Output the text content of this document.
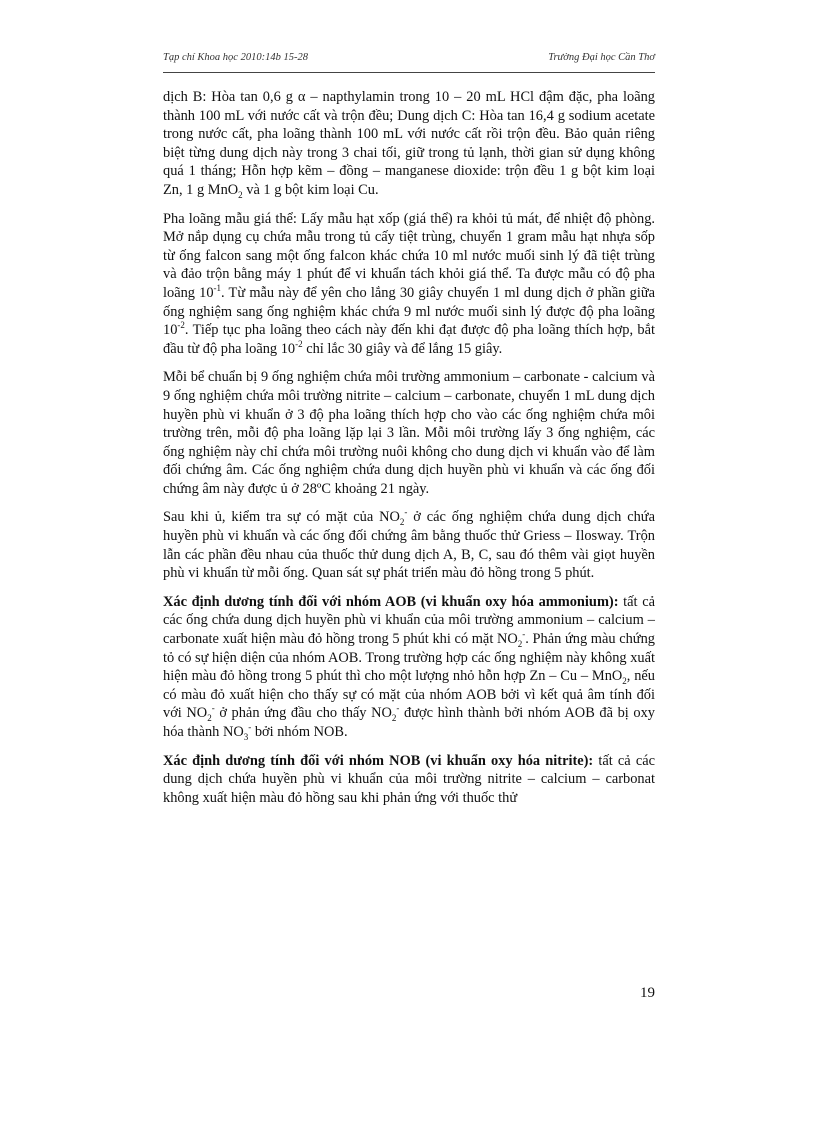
Tạp chí Khoa học 2010:14b 15-28	Trường Đại học Cần Thơ

dịch B: Hòa tan 0,6 g α – napthylamin trong 10 – 20 mL HCl đậm đặc, pha loãng thành 100 mL với nước cất và trộn đều; Dung dịch C: Hòa tan 16,4 g sodium acetate trong nước cất, pha loãng thành 100 mL với nước cất rồi trộn đều. Bảo quản riêng biệt từng dung dịch này trong 3 chai tối, giữ trong tủ lạnh, thời gian sử dụng không quá 1 tháng; Hỗn hợp kẽm – đồng – manganese dioxide: trộn đều 1 g bột kim loại Zn, 1 g MnO$_2$ và 1 g bột kim loại Cu.

Pha loãng mẫu giá thể: Lấy mẫu hạt xốp (giá thể) ra khỏi tủ mát, để nhiệt độ phòng. Mở nắp dụng cụ chứa mẫu trong tủ cấy tiệt trùng, chuyển 1 gram mẫu hạt nhựa sốp từ ống falcon sang một ống falcon khác chứa 10 ml nước muối sinh lý đã tiệt trùng và đảo trộn bằng máy 1 phút để vi khuẩn tách khỏi giá thể. Ta được mẫu có độ pha loãng $10^{-1}$. Từ mẫu này để yên cho lắng 30 giây chuyển 1 ml dung dịch ở phần giữa ống nghiệm sang ống nghiệm khác chứa 9 ml nước muối sinh lý được độ pha loãng $10^{-2}$. Tiếp tục pha loãng theo cách này đến khi đạt được độ pha loãng thích hợp, bắt đầu từ độ pha loãng $10^{-2}$ chỉ lắc 30 giây và để lắng 15 giây.

Mỗi bể chuẩn bị 9 ống nghiệm chứa môi trường ammonium – carbonate - calcium và 9 ống nghiệm chứa môi trường nitrite – calcium – carbonate, chuyển 1 mL dung dịch huyền phù vi khuẩn ở 3 độ pha loãng thích hợp cho vào các ống nghiệm chứa môi trường trên, mỗi độ pha loãng lặp lại 3 lần. Mỗi môi trường lấy 3 ống nghiệm, các ống nghiệm này chỉ chứa môi trường nuôi không cho dung dịch vi khuẩn vào để làm đối chứng âm. Các ống nghiệm chứa dung dịch huyền phù vi khuẩn và các ống đối chứng âm này được ủ ở 28ºC khoảng 21 ngày.

Sau khi ủ, kiểm tra sự có mặt của $NO_2^-$ ở các ống nghiệm chứa dung dịch chứa huyền phù vi khuẩn và các ống đối chứng âm bằng thuốc thử Griess – Ilosway. Trộn lẫn các phần đều nhau của thuốc thử dung dịch A, B, C, sau đó thêm vài giọt huyền phù vi khuẩn từ mỗi ống. Quan sát sự phát triển màu đỏ hồng trong 5 phút.

Xác định dương tính đối với nhóm AOB (vi khuẩn oxy hóa ammonium): tất cả các ống chứa dung dịch huyền phù vi khuẩn của môi trường ammonium – calcium – carbonate xuất hiện màu đỏ hồng trong 5 phút khi có mặt $NO_2^-$. Phản ứng màu chứng tỏ có sự hiện diện của nhóm AOB. Trong trường hợp các ống nghiệm này không xuất hiện màu đỏ hồng trong 5 phút thì cho một lượng nhỏ hỗn hợp Zn – Cu – MnO$_2$, nếu có màu đỏ xuất hiện cho thấy sự có mặt của nhóm AOB bởi vì kết quả âm tính đối với $NO_2^-$ ở phản ứng đầu cho thấy $NO_2^-$ được hình thành bởi nhóm AOB đã bị oxy hóa thành $NO_3^-$ bởi nhóm NOB.

Xác định dương tính đối với nhóm NOB (vi khuẩn oxy hóa nitrite): tất cả các dung dịch chứa huyền phù vi khuẩn của môi trường nitrite – calcium – carbonat không xuất hiện màu đỏ hồng sau khi phản ứng với thuốc thử

19
